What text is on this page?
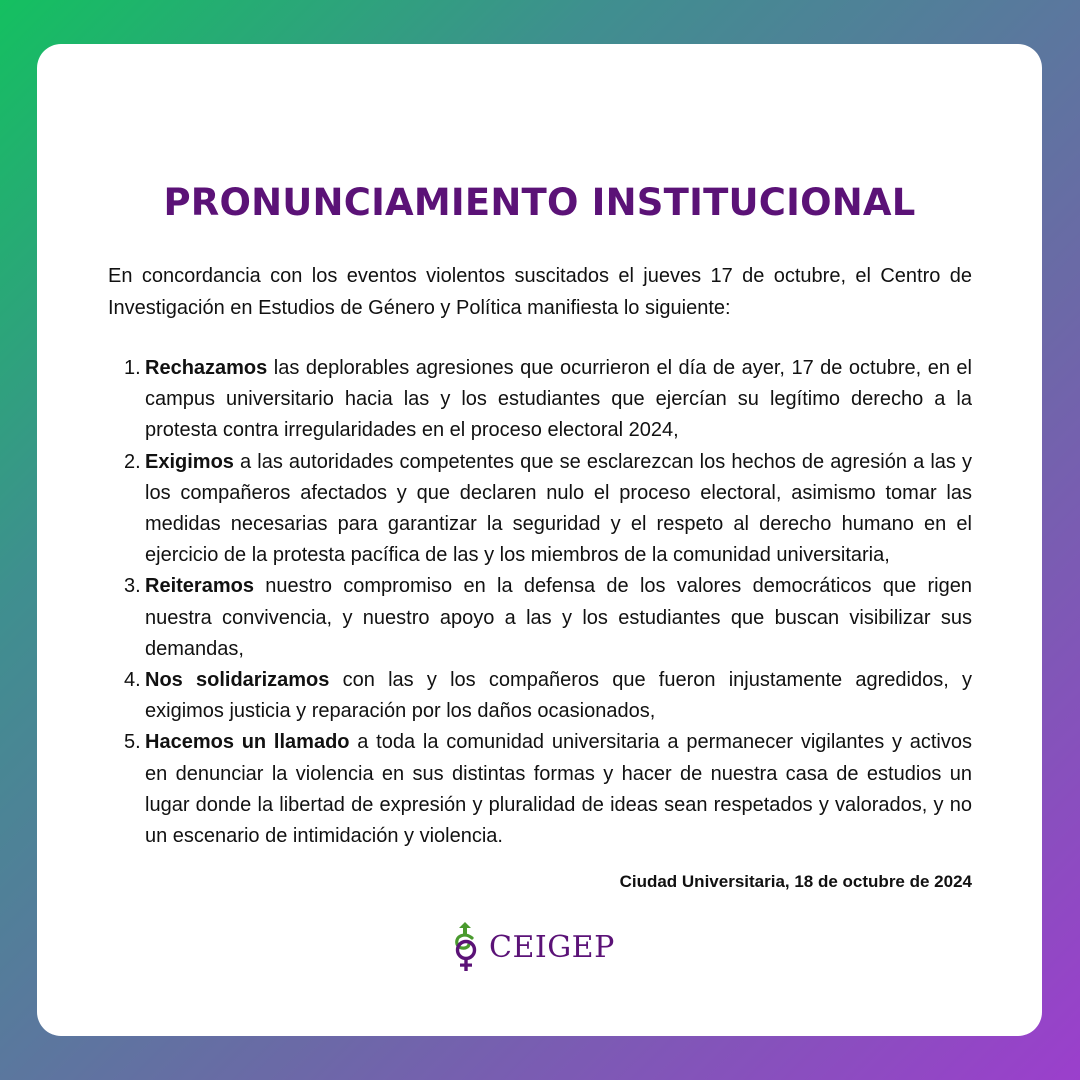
PRONUNCIAMIENTO INSTITUCIONAL

En concordancia con los eventos violentos suscitados el jueves 17 de octubre, el Centro de Investigación en Estudios de Género y Política manifiesta lo siguiente:

1. Rechazamos las deplorables agresiones que ocurrieron el día de ayer, 17 de octubre, en el campus universitario hacia las y los estudiantes que ejercían su legítimo derecho a la protesta contra irregularidades en el proceso electoral 2024,
2. Exigimos a las autoridades competentes que se esclarezcan los hechos de agresión a las y los compañeros afectados y que declaren nulo el proceso electoral, asimismo tomar las medidas necesarias para garantizar la seguridad y el respeto al derecho humano en el ejercicio de la protesta pacífica de las y los miembros de la comunidad universitaria,
3. Reiteramos nuestro compromiso en la defensa de los valores democráticos que rigen nuestra convivencia, y nuestro apoyo a las y los estudiantes que buscan visibilizar sus demandas,
4. Nos solidarizamos con las y los compañeros que fueron injustamente agredidos, y exigimos justicia y reparación por los daños ocasionados,
5. Hacemos un llamado a toda la comunidad universitaria a permanecer vigilantes y activos en denunciar la violencia en sus distintas formas y hacer de nuestra casa de estudios un lugar donde la libertad de expresión y pluralidad de ideas sean respetados y valorados, y no un escenario de intimidación y violencia.

Ciudad Universitaria, 18 de octubre de 2024

CEIGEP
